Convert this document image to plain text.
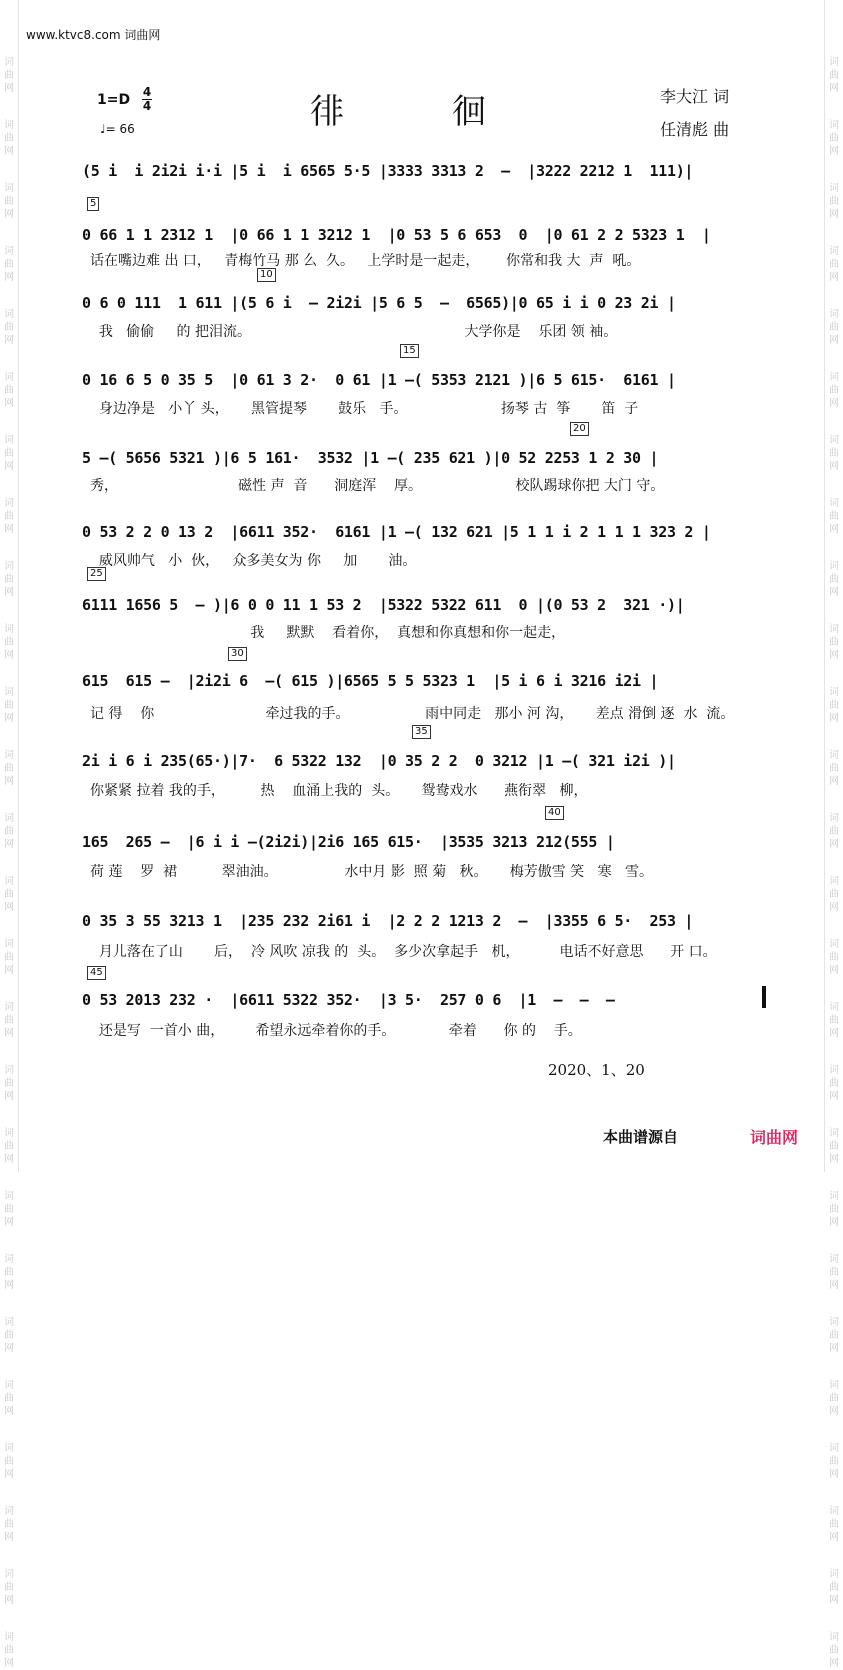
词
曲
网
词
曲
网
词
曲
网
词
曲
网
词
曲
网
词
曲
网
词
曲
网
词
曲
网
词
曲
网
词
曲
网
词
曲
网
词
曲
网
词
曲
网
词
曲
网
词
曲
网
词
曲
网
词
曲
网
词
曲
网
词
曲
网
词
曲
网
词
曲
网
词
曲
网
词
曲
网
词
曲
网
词
曲
网
词
曲
网
词
曲
网
词
曲
网
词
曲
网
词
曲
网
词
曲
网
词
曲
网
词
曲
网
词
曲
网
词
曲
网
词
曲
网
词
曲
网
词
曲
网
词
曲
网
词
曲
网
词
曲
网
词
曲
网
词
曲
网
词
曲
网
词
曲
网
词
曲
网
词
曲
网
词
曲
网
词
曲
网
词
曲
网
词
曲
网
词
曲
网
www.ktvc8.com 词曲网
1=D 4
4
♩= 66	徘徊	李大江 词
任清彪 曲
(5 i  i 2i2i i·i |5 i  i 6565 5·5 |3333 3313 2  –  |3222 2212 1  111)|
0 66 1 1 2312 1  |0 66 1 1 3212 1  |0 53 5 6 653  0  |0 61 2 2 5323 1  |
话在嘴边难 出 口，   青梅竹马 那 么  久。   上学时是一起走，      你常和我 大  声  吼。
0 6 0 111  1 611 |(5 6 i  – 2i2i |5 6 5  –  6565)|0 65 i i 0 23 2i |
我   偷偷     的 把泪流。                                                大学你是    乐团 领 袖。
0 16 6 5 0 35 5  |0 61 3 2·  0 61 |1 –( 5353 2121 )|6 5 615·  6161 |
身边净是   小丫 头，     黑管提琴       鼓乐   手。                     扬琴 古  筝       笛  子
5 –( 5656 5321 )|6 5 161·  3532 |1 –( 235 621 )|0 52 2253 1 2 30 |
秀，                           磁性 声  音      洞庭浑    厚。                     校队踢球你把 大门 守。
0 53 2 2 0 13 2  |6611 352·  6161 |1 –( 132 621 |5 1 1 i 2 1 1 1 323 2 |
威风帅气   小  伙，   众多美女为 你     加       油。
6111 1656 5  – )|6 0 0 11 1 53 2  |5322 5322 611  0 |(0 53 2  321 ·)|
我     默默    看着你，  真想和你真想和你一起走，
615  615 –  |2i2i 6  –( 615 )|6565 5 5 5323 1  |5 i 6 i 3216 i2i |
记 得    你                         牵过我的手。                 雨中同走   那小 河 沟，     差点 滑倒 逐  水  流。
2i i 6 i 235(65·)|7·  6 5322 132  |0 35 2 2  0 3212 |1 –( 321 i2i )|
你紧紧 拉着 我的手，        热    血涌上我的  头。     鸳鸯戏水      燕衔翠   柳，
165  265 –  |6 i i –(2i2i)|2i6 165 615·  |3535 3213 212(555 |
荷 莲    罗  裙          翠油油。               水中月 影  照 菊   秋。     梅芳傲雪 笑   寒   雪。
0 35 3 55 3213 1  |235 232 2i61 i  |2 2 2 1213 2  –  |3355 6 5·  253 |
月儿落在了山       后，  冷 风吹 凉我 的  头。  多少次拿起手   机，         电话不好意思      开 口。
0 53 2013 232 ·  |6611 5322 352·  |3 5·  257 0 6  |1  –  –  –
还是写  一首小 曲，       希望永远牵着你的手。            牵着      你 的    手。
5
10
15
20
25
30
35
40
45
2020、1、20
本曲谱源自	词曲网
